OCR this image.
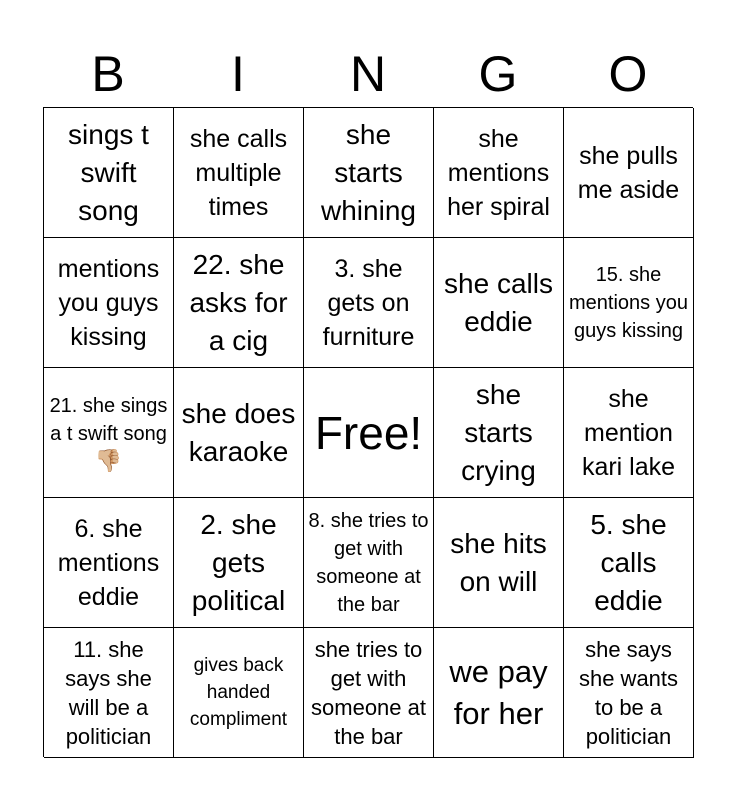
B	I	N	G	O
sings t swift song
she calls multiple times
she starts whining
she mentions her spiral
she pulls me aside
mentions you guys kissing
22. she asks for a cig
3. she gets on furniture
she calls eddie
15. she mentions you guys kissing
21. she sings a t swift song
👎🏼
she does karaoke Free!
she starts crying
she mention kari lake
6. she mentions eddie
2. she gets political
8. she tries to get with someone at the bar
she hits on will
5. she calls eddie
11. she says she will be a politician
gives back handed compliment
she tries to get with someone at the bar
we pay for her
she says she wants to be a politician
